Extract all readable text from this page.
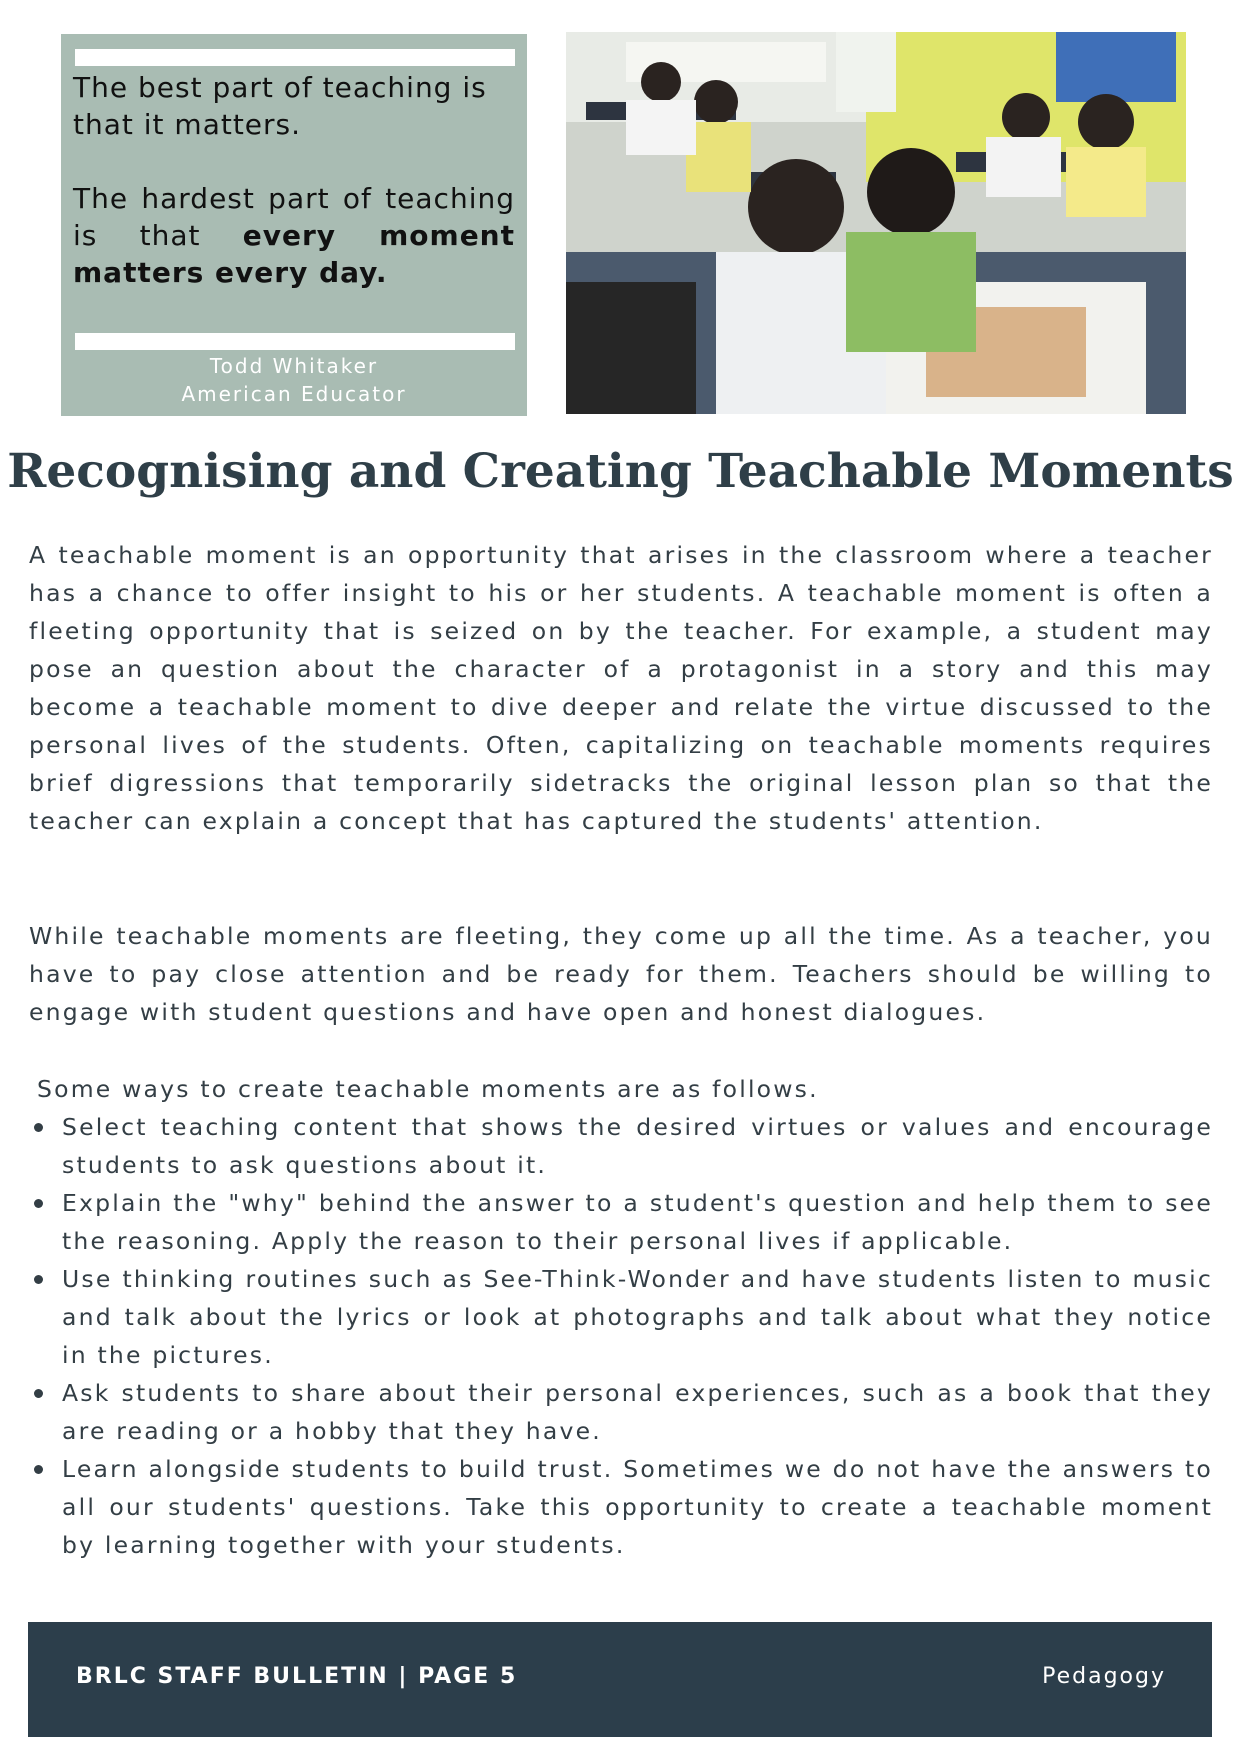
The best part of teaching is that it matters.

The hardest part of teaching is that every moment matters every day.

Todd Whitaker
American Educator
Recognising and Creating Teachable Moments

A teachable moment is an opportunity that arises in the classroom where a teacher has a chance to offer insight to his or her students. A teachable moment is often a fleeting opportunity that is seized on by the teacher. For example, a student may pose an question about the character of a protagonist in a story and this may become a teachable moment to dive deeper and relate the virtue discussed to the personal lives of the students. Often, capitalizing on teachable moments requires brief digressions that temporarily sidetracks the original lesson plan so that the teacher can explain a concept that has captured the students' attention.

While teachable moments are fleeting, they come up all the time. As a teacher, you have to pay close attention and be ready for them. Teachers should be willing to engage with student questions and have open and honest dialogues.

Some ways to create teachable moments are as follows.

Select teaching content that shows the desired virtues or values and encourage students to ask questions about it.
Explain the "why" behind the answer to a student's question and help them to see the reasoning. Apply the reason to their personal lives if applicable.
Use thinking routines such as See-Think-Wonder and have students listen to music and talk about the lyrics or look at photographs and talk about what they notice in the pictures.
Ask students to share about their personal experiences, such as a book that they are reading or a hobby that they have.
Learn alongside students to build trust. Sometimes we do not have the answers to all our students' questions. Take this opportunity to create a teachable moment by learning together with your students.
BRLC STAFF BULLETIN | PAGE 5	Pedagogy
